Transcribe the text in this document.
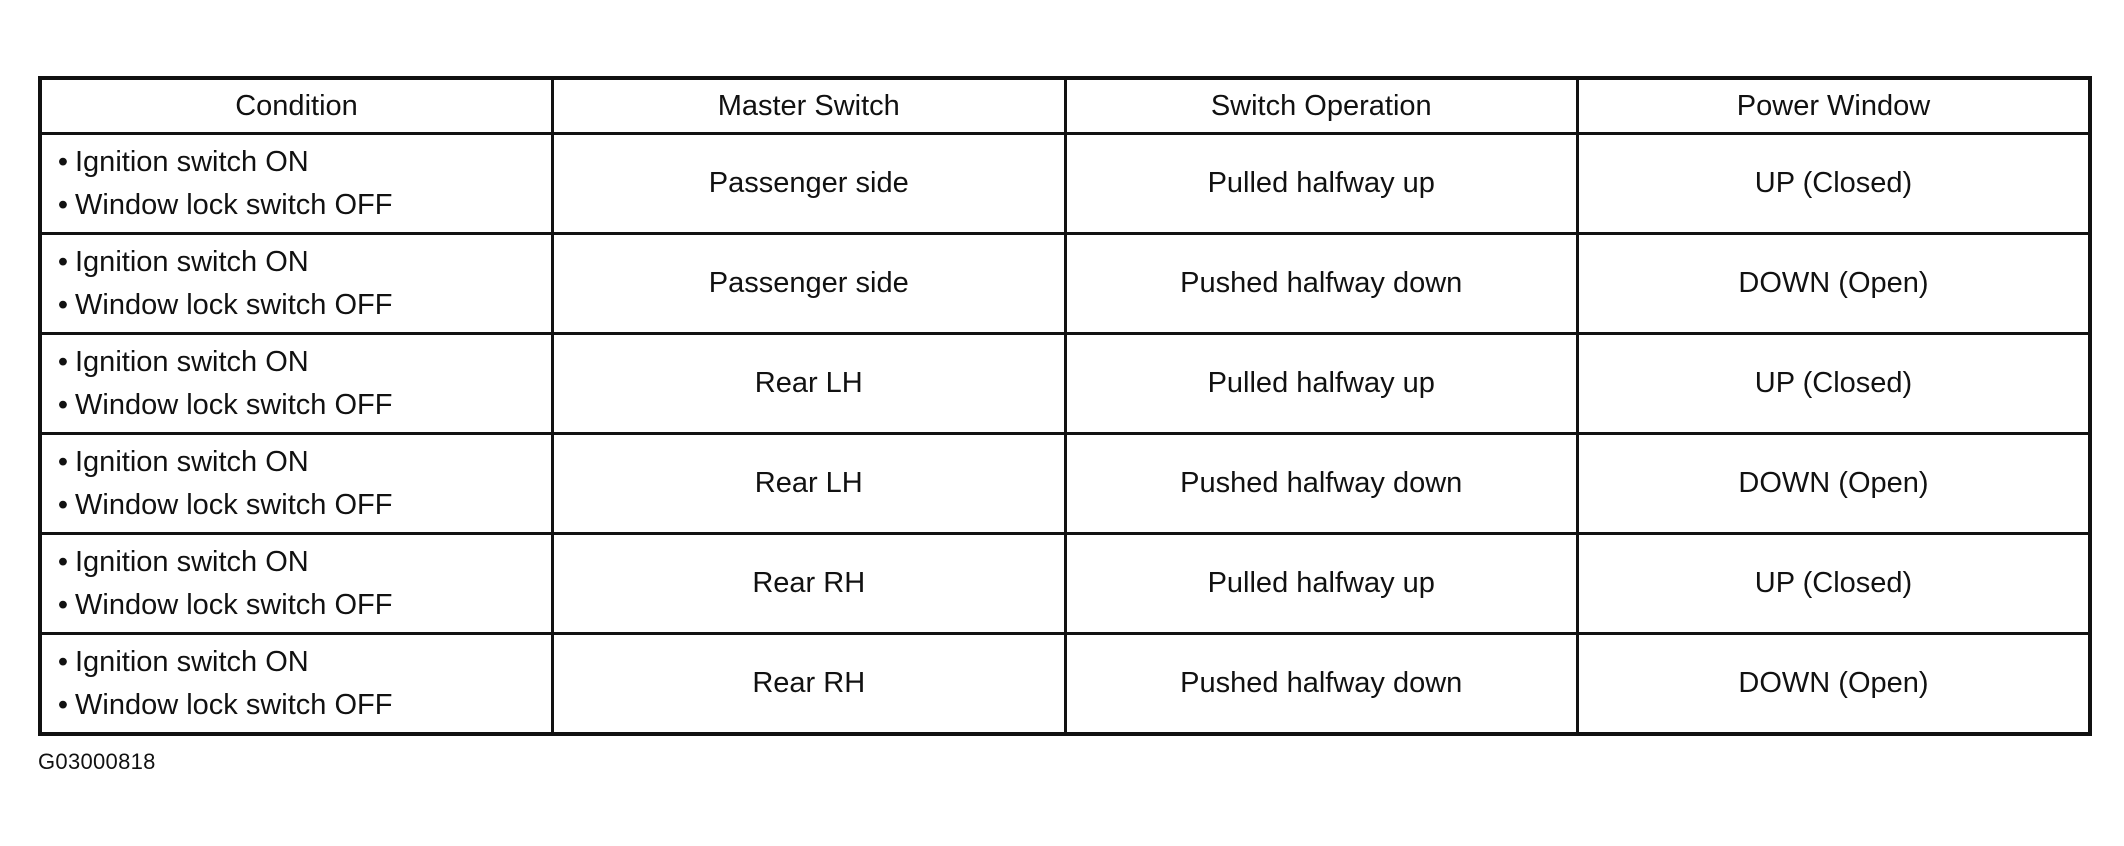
Condition	Master Switch	Switch Operation	Power Window

• Ignition switch ON
• Window lock switch OFF	Passenger side	Pulled halfway up	UP (Closed)

• Ignition switch ON
• Window lock switch OFF	Passenger side	Pushed halfway down	DOWN (Open)

• Ignition switch ON
• Window lock switch OFF	Rear LH	Pulled halfway up	UP (Closed)

• Ignition switch ON
• Window lock switch OFF	Rear LH	Pushed halfway down	DOWN (Open)

• Ignition switch ON
• Window lock switch OFF	Rear RH	Pulled halfway up	UP (Closed)

• Ignition switch ON
• Window lock switch OFF	Rear RH	Pushed halfway down	DOWN (Open)
G03000818
